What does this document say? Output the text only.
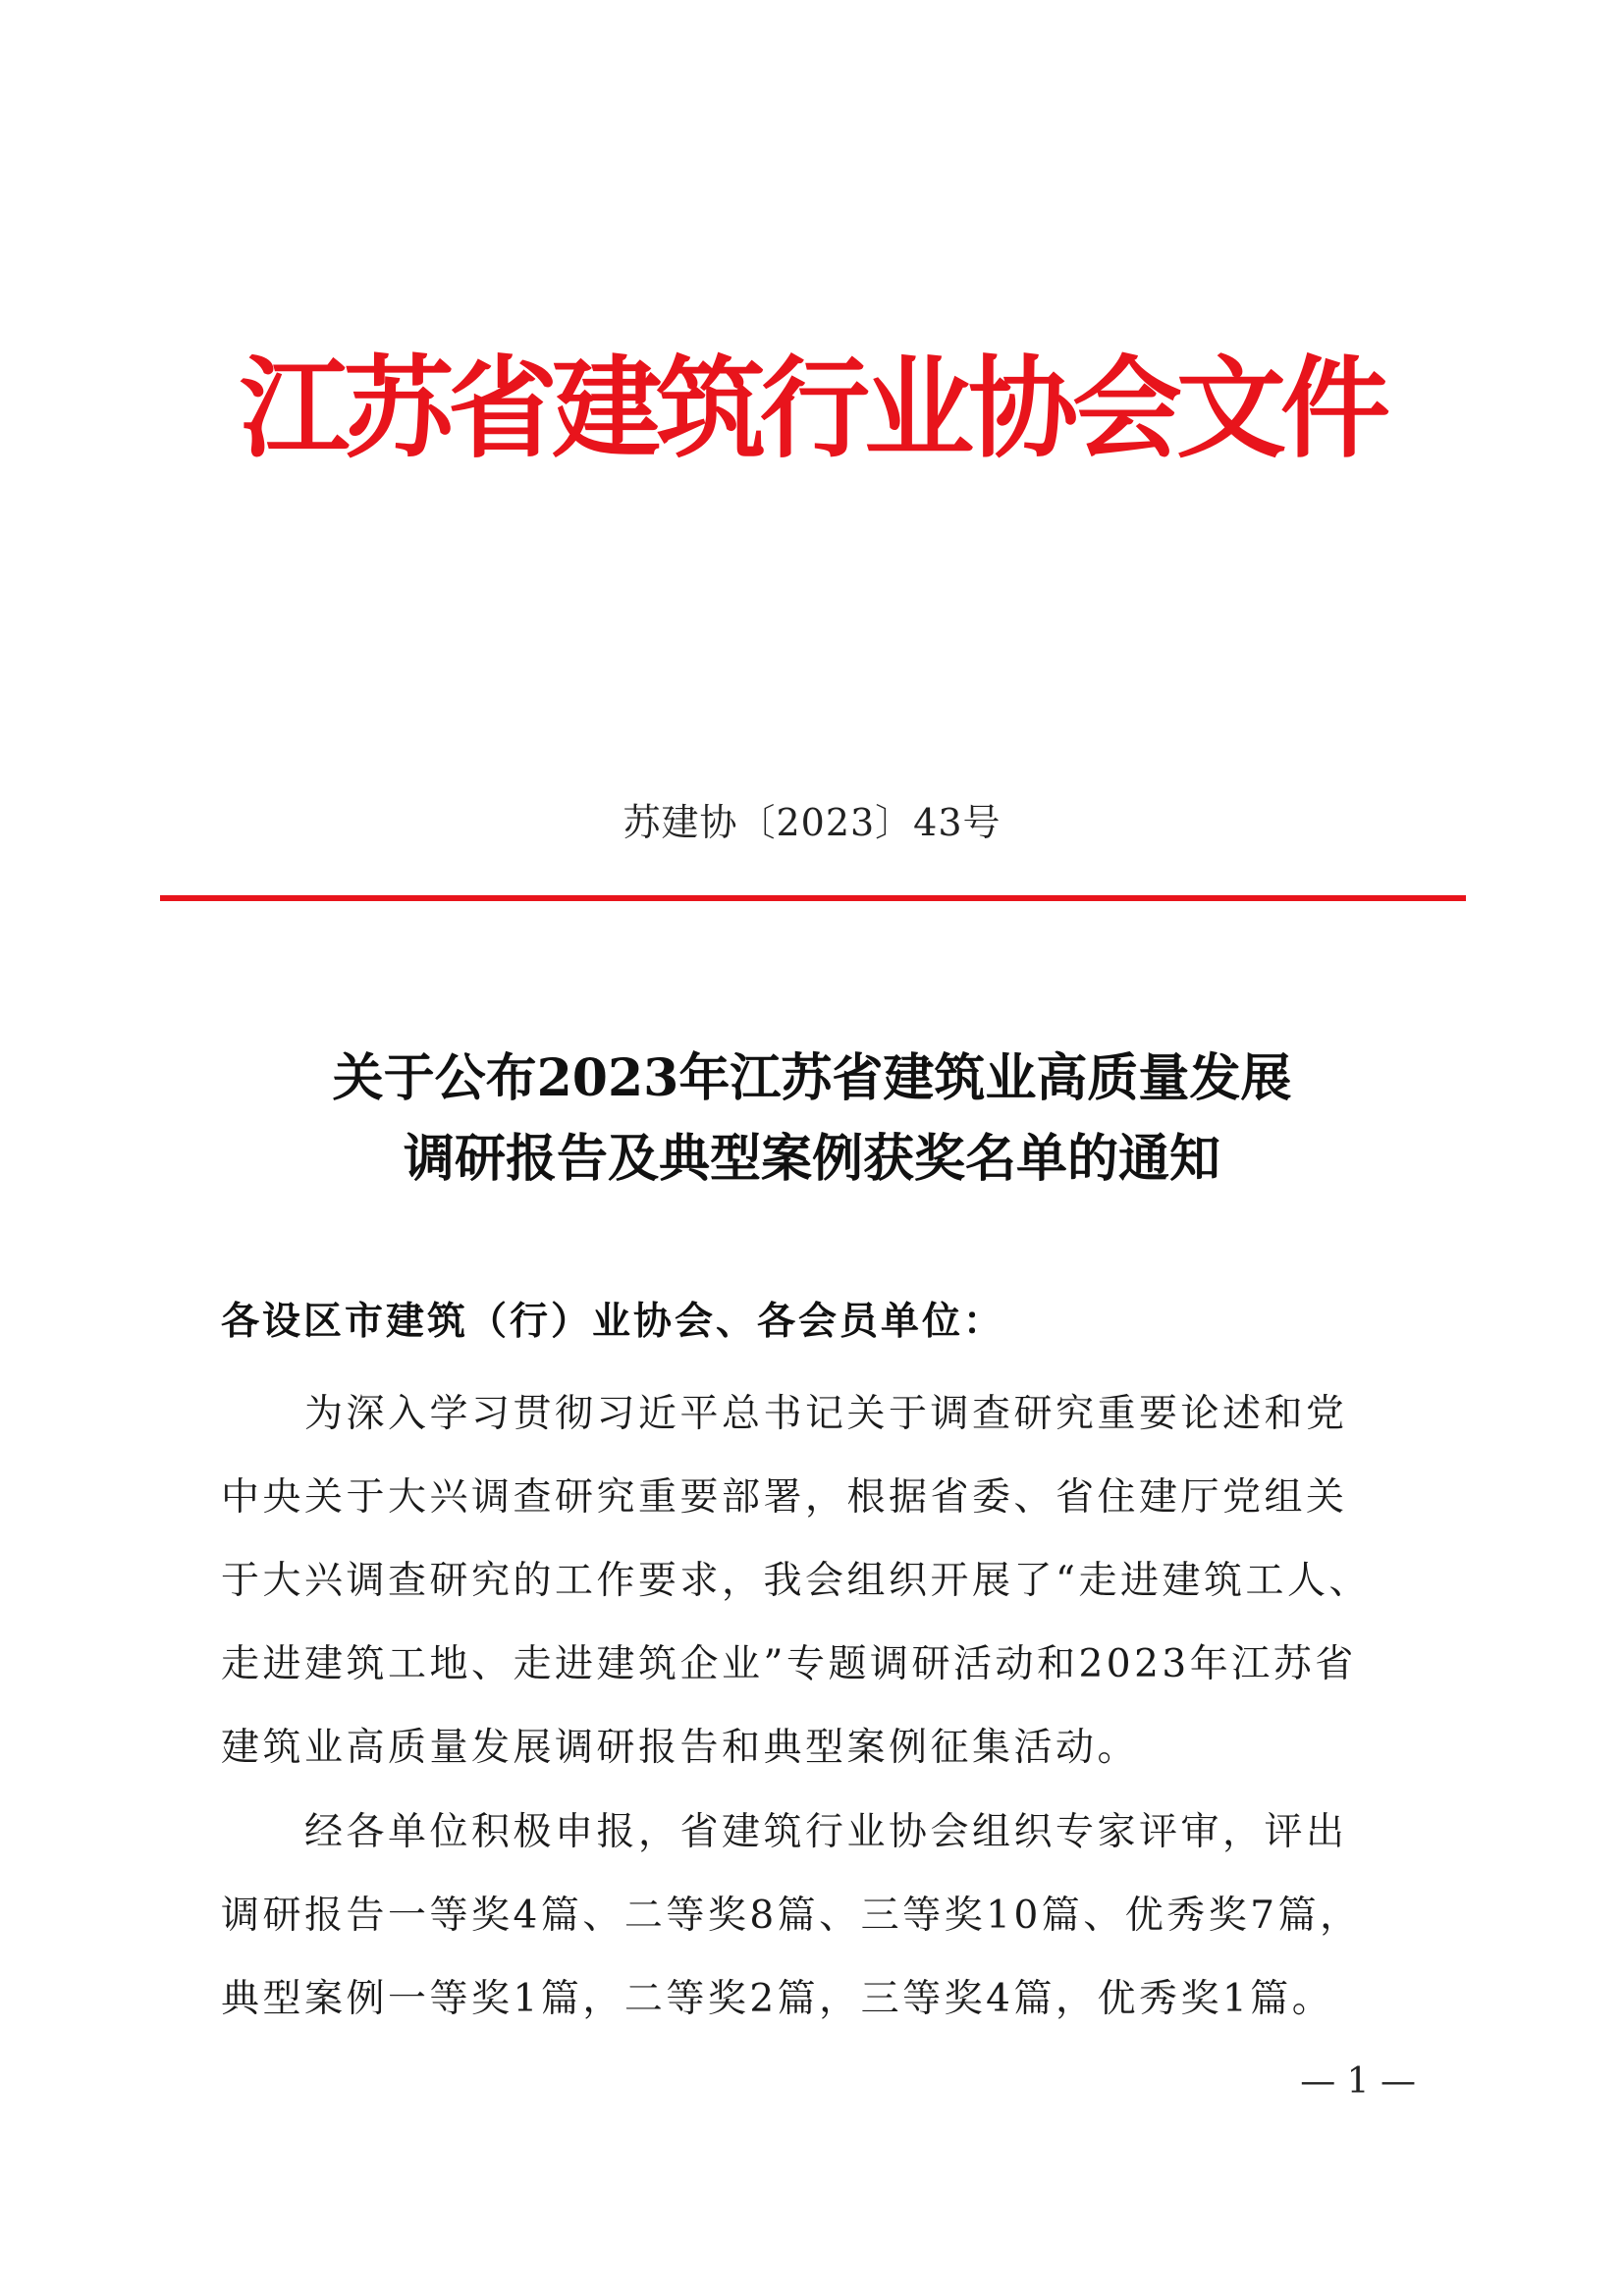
江苏省建筑行业协会文件
苏建协〔2023〕43号
关于公布2023年江苏省建筑业高质量发展
调研报告及典型案例获奖名单的通知
各设区市建筑（行）业协会、各会员单位：
　　为深入学习贯彻习近平总书记关于调查研究重要论述和党
中央关于大兴调查研究重要部署，根据省委、省住建厅党组关
于大兴调查研究的工作要求，我会组织开展了“走进建筑工人、
走进建筑工地、走进建筑企业”专题调研活动和2023年江苏省
建筑业高质量发展调研报告和典型案例征集活动。
　　经各单位积极申报，省建筑行业协会组织专家评审，评出
调研报告一等奖4篇、二等奖8篇、三等奖10篇、优秀奖7篇，
典型案例一等奖1篇，二等奖2篇，三等奖4篇，优秀奖1篇。
— 1 —
